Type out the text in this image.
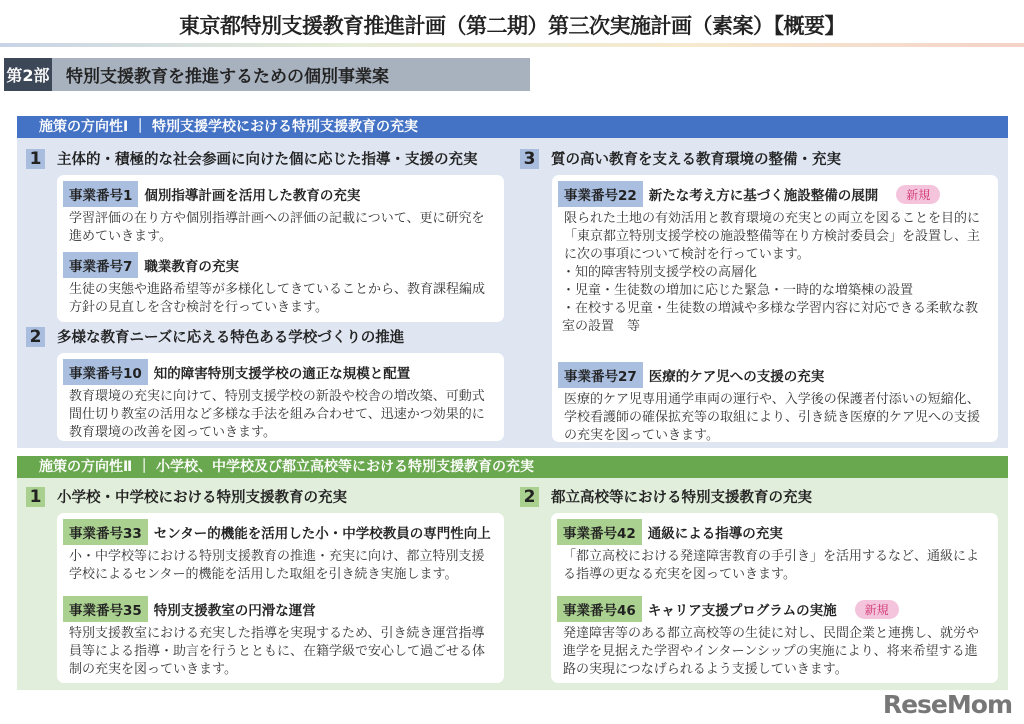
東京都特別支援教育推進計画（第二期）第三次実施計画（素案）【概要】
第2部 特別支援教育を推進するための個別事業案
施策の方向性Ⅰ ｜ 特別支援学校における特別支援教育の充実
施策の方向性Ⅱ ｜ 小学校、中学校及び都立高校等における特別支援教育の充実
1 主体的・積極的な社会参画に向けた個に応じた指導・支援の充実
事業番号1 個別指導計画を活用した教育の充実
学習評価の在り方や個別指導計画への評価の記載について、更に研究を進めていきます。
事業番号7 職業教育の充実
生徒の実態や進路希望等が多様化してきていることから、教育課程編成方針の見直しを含む検討を行っていきます。
2 多様な教育ニーズに応える特色ある学校づくりの推進
事業番号10 知的障害特別支援学校の適正な規模と配置
教育環境の充実に向けて、特別支援学校の新設や校舎の増改築、可動式間仕切り教室の活用など多様な手法を組み合わせて、迅速かつ効果的に教育環境の改善を図っていきます。
3 質の高い教育を支える教育環境の整備・充実
事業番号22 新たな考え方に基づく施設整備の展開	新規
限られた土地の有効活用と教育環境の充実との両立を図ることを目的に「東京都立特別支援学校の施設整備等在り方検討委員会」を設置し、主に次の事項について検討を行っています。
・知的障害特別支援学校の高層化
・児童・生徒数の増加に応じた緊急・一時的な増築棟の設置
・在校する児童・生徒数の増減や多様な学習内容に対応できる柔軟な教室の設置　等
事業番号27 医療的ケア児への支援の充実
医療的ケア児専用通学車両の運行や、入学後の保護者付添いの短縮化、学校看護師の確保拡充等の取組により、引き続き医療的ケア児への支援の充実を図っていきます。
1 小学校・中学校における特別支援教育の充実
事業番号33 センター的機能を活用した小・中学校教員の専門性向上
小・中学校等における特別支援教育の推進・充実に向け、都立特別支援学校によるセンター的機能を活用した取組を引き続き実施します。
事業番号35 特別支援教室の円滑な運営
特別支援教室における充実した指導を実現するため、引き続き運営指導員等による指導・助言を行うとともに、在籍学級で安心して過ごせる体制の充実を図っていきます。
2 都立高校等における特別支援教育の充実
事業番号42 通級による指導の充実
「都立高校における発達障害教育の手引き」を活用するなど、通級による指導の更なる充実を図っていきます。
事業番号46 キャリア支援プログラムの実施	新規
発達障害等のある都立高校等の生徒に対し、民間企業と連携し、就労や進学を見据えた学習やインターンシップの実施により、将来希望する進路の実現につなげられるよう支援していきます。
ReseMom
